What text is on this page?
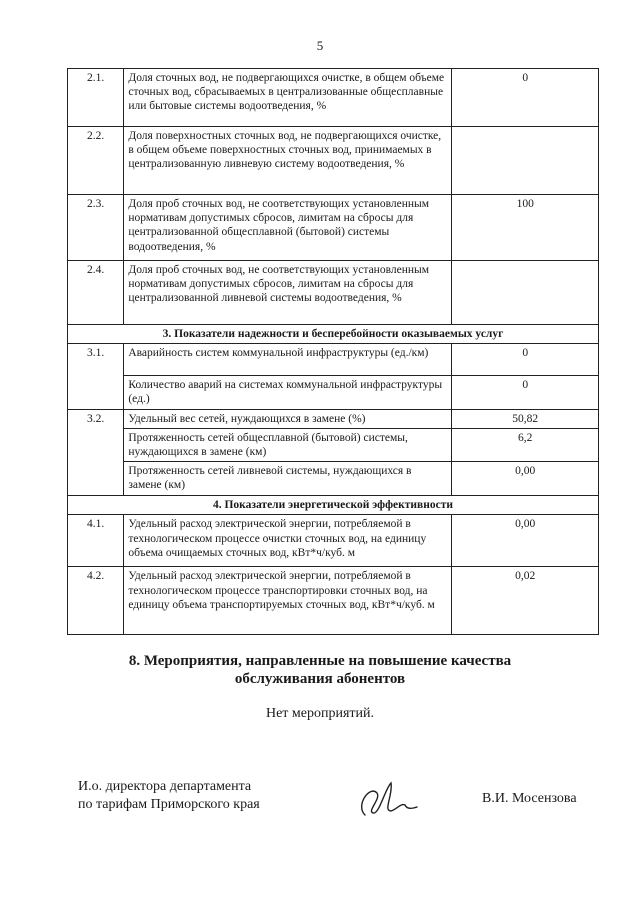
5
2.1.	Доля сточных вод, не подвергающихся очистке, в общем объеме сточных вод, сбрасываемых в централизованные общесплавные или бытовые системы водоотведения, %	0
2.2.	Доля поверхностных сточных вод, не подвергающихся очистке, в общем объеме поверхностных сточных вод, принимаемых в централизованную ливневую систему водоотведения, %	
2.3.	Доля проб сточных вод, не соответствующих установленным нормативам допустимых сбросов, лимитам на сбросы для централизованной общесплавной (бытовой) системы водоотведения, %	100
2.4.	Доля проб сточных вод, не соответствующих установленным нормативам допустимых сбросов, лимитам на сбросы для централизованной ливневой системы водоотведения, %	
3. Показатели надежности и бесперебойности оказываемых услуг		
3.1.	Аварийность систем коммунальной инфраструктуры (ед./км)	0
	Количество аварий на системах коммунальной инфраструктуры (ед.)	0
3.2.	Удельный вес сетей, нуждающихся в замене (%)	50,82
	Протяженность сетей общесплавной (бытовой) системы, нуждающихся в замене (км)	6,2
	Протяженность сетей ливневой системы, нуждающихся в замене (км)	0,00
4. Показатели энергетической эффективности		
4.1.	Удельный расход электрической энергии, потребляемой в технологическом процессе очистки сточных вод, на единицу объема очищаемых сточных вод, кВт*ч/куб. м	0,00
4.2.	Удельный расход электрической энергии, потребляемой в технологическом процессе транспортировки сточных вод, на единицу объема транспортируемых сточных вод, кВт*ч/куб. м	0,02
8. Мероприятия, направленные на повышение качества
обслуживания абонентов
Нет мероприятий.
И.о. директора департамента
по тарифам Приморского края	В.И. Мосензова
